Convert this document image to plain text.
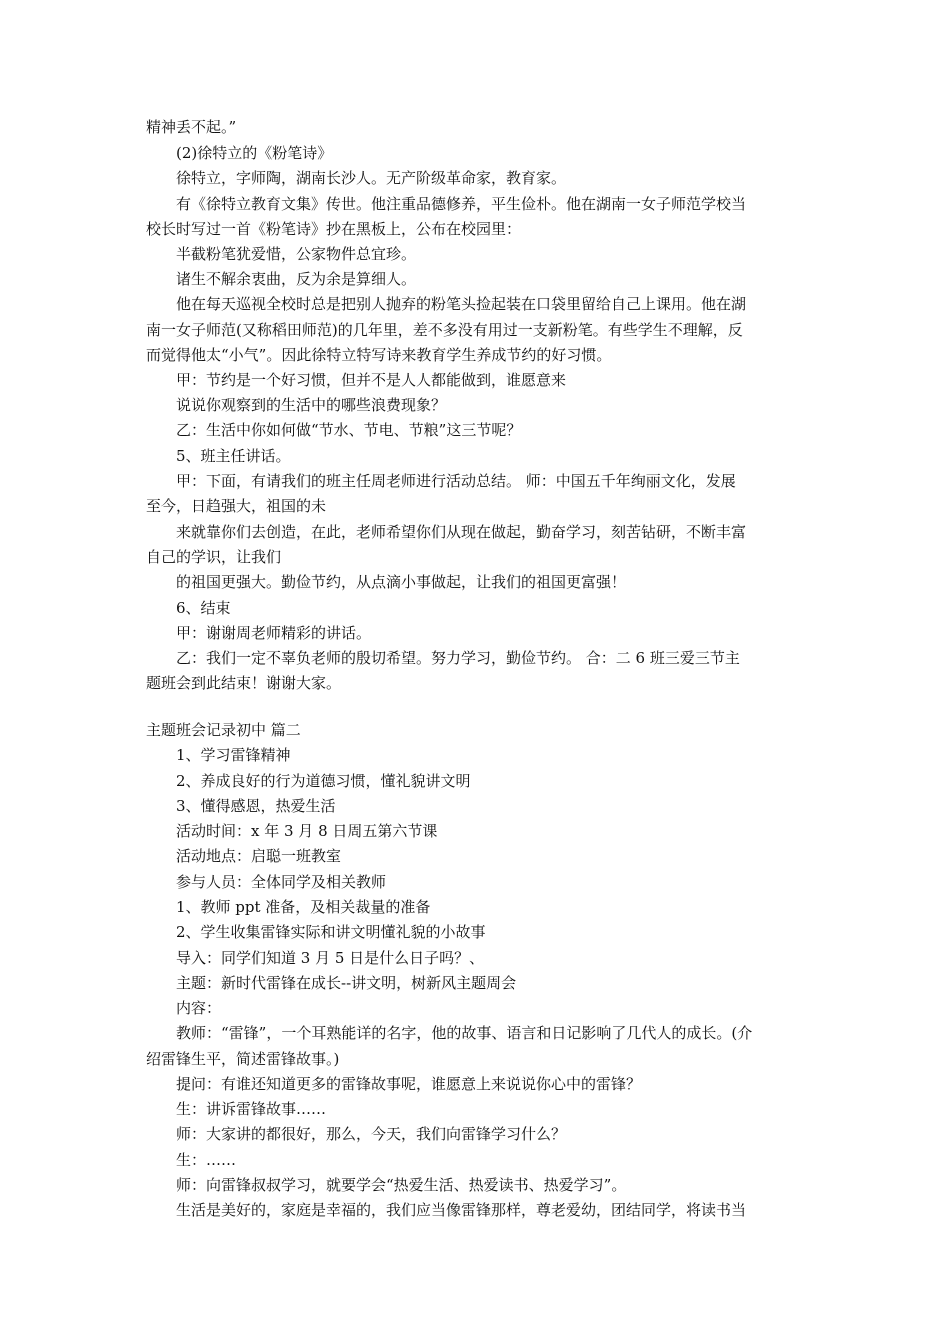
精神丢不起。”
(2)徐特立的《粉笔诗》
徐特立，字师陶，湖南长沙人。无产阶级革命家，教育家。
有《徐特立教育文集》传世。他注重品德修养，平生俭朴。他在湖南一女子师范学校当
校长时写过一首《粉笔诗》抄在黑板上，公布在校园里：
半截粉笔犹爱惜，公家物件总宜珍。
诸生不解余衷曲，反为余是算细人。
他在每天巡视全校时总是把别人抛弃的粉笔头捡起装在口袋里留给自己上课用。他在湖
南一女子师范(又称稻田师范)的几年里，差不多没有用过一支新粉笔。有些学生不理解，反
而觉得他太“小气”。因此徐特立特写诗来教育学生养成节约的好习惯。
甲：节约是一个好习惯，但并不是人人都能做到，谁愿意来
说说你观察到的生活中的哪些浪费现象？
乙：生活中你如何做“节水、节电、节粮”这三节呢？
5、班主任讲话。
甲：下面，有请我们的班主任周老师进行活动总结。 师：中国五千年绚丽文化，发展
至今，日趋强大，祖国的未
来就靠你们去创造，在此，老师希望你们从现在做起，勤奋学习，刻苦钻研，不断丰富
自己的学识，让我们
的祖国更强大。勤俭节约，从点滴小事做起，让我们的祖国更富强！
6、结束
甲：谢谢周老师精彩的讲话。
乙：我们一定不辜负老师的殷切希望。努力学习，勤俭节约。 合：二 6 班三爱三节主
题班会到此结束！谢谢大家。
主题班会记录初中 篇二
1、学习雷锋精神
2、养成良好的行为道德习惯，懂礼貌讲文明
3、懂得感恩，热爱生活
活动时间：x 年 3 月 8 日周五第六节课
活动地点：启聪一班教室
参与人员：全体同学及相关教师
1、教师 ppt 准备，及相关裁量的准备
2、学生收集雷锋实际和讲文明懂礼貌的小故事
导入：同学们知道 3 月 5 日是什么日子吗？、
主题：新时代雷锋在成长--讲文明，树新风主题周会
内容：
教师：“雷锋”，一个耳熟能详的名字，他的故事、语言和日记影响了几代人的成长。(介
绍雷锋生平，简述雷锋故事。)
提问：有谁还知道更多的雷锋故事呢，谁愿意上来说说你心中的雷锋？
生：讲诉雷锋故事……
师：大家讲的都很好，那么，今天，我们向雷锋学习什么？
生：……
师：向雷锋叔叔学习，就要学会“热爱生活、热爱读书、热爱学习”。
生活是美好的，家庭是幸福的，我们应当像雷锋那样，尊老爱幼，团结同学，将读书当
